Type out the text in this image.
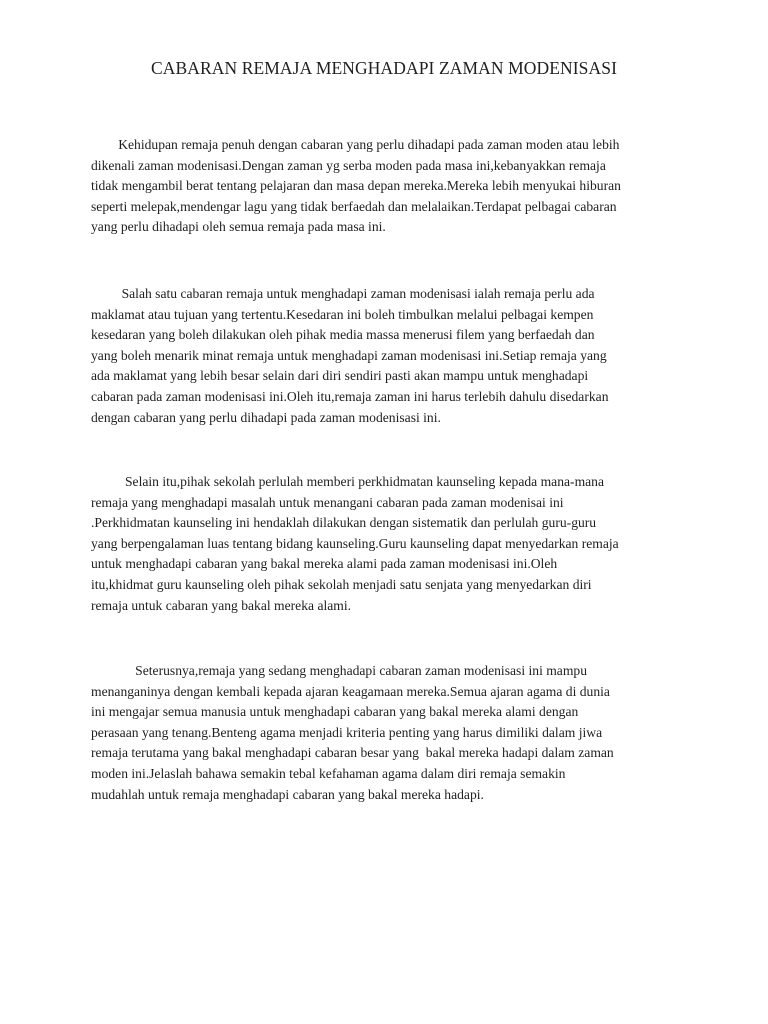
CABARAN REMAJA MENGHADAPI ZAMAN MODENISASI
Kehidupan remaja penuh dengan cabaran yang perlu dihadapi pada zaman moden atau lebih
dikenali zaman modenisasi.Dengan zaman yg serba moden pada masa ini,kebanyakkan remaja
tidak mengambil berat tentang pelajaran dan masa depan mereka.Mereka lebih menyukai hiburan
seperti melepak,mendengar lagu yang tidak berfaedah dan melalaikan.Terdapat pelbagai cabaran
yang perlu dihadapi oleh semua remaja pada masa ini.
Salah satu cabaran remaja untuk menghadapi zaman modenisasi ialah remaja perlu ada
maklamat atau tujuan yang tertentu.Kesedaran ini boleh timbulkan melalui pelbagai kempen
kesedaran yang boleh dilakukan oleh pihak media massa menerusi filem yang berfaedah dan
yang boleh menarik minat remaja untuk menghadapi zaman modenisasi ini.Setiap remaja yang
ada maklamat yang lebih besar selain dari diri sendiri pasti akan mampu untuk menghadapi
cabaran pada zaman modenisasi ini.Oleh itu,remaja zaman ini harus terlebih dahulu disedarkan
dengan cabaran yang perlu dihadapi pada zaman modenisasi ini.
Selain itu,pihak sekolah perlulah memberi perkhidmatan kaunseling kepada mana-mana
remaja yang menghadapi masalah untuk menangani cabaran pada zaman modenisai ini
.Perkhidmatan kaunseling ini hendaklah dilakukan dengan sistematik dan perlulah guru-guru
yang berpengalaman luas tentang bidang kaunseling.Guru kaunseling dapat menyedarkan remaja
untuk menghadapi cabaran yang bakal mereka alami pada zaman modenisasi ini.Oleh
itu,khidmat guru kaunseling oleh pihak sekolah menjadi satu senjata yang menyedarkan diri
remaja untuk cabaran yang bakal mereka alami.
Seterusnya,remaja yang sedang menghadapi cabaran zaman modenisasi ini mampu
menanganinya dengan kembali kepada ajaran keagamaan mereka.Semua ajaran agama di dunia
ini mengajar semua manusia untuk menghadapi cabaran yang bakal mereka alami dengan
perasaan yang tenang.Benteng agama menjadi kriteria penting yang harus dimiliki dalam jiwa
remaja terutama yang bakal menghadapi cabaran besar yang  bakal mereka hadapi dalam zaman
moden ini.Jelaslah bahawa semakin tebal kefahaman agama dalam diri remaja semakin
mudahlah untuk remaja menghadapi cabaran yang bakal mereka hadapi.
